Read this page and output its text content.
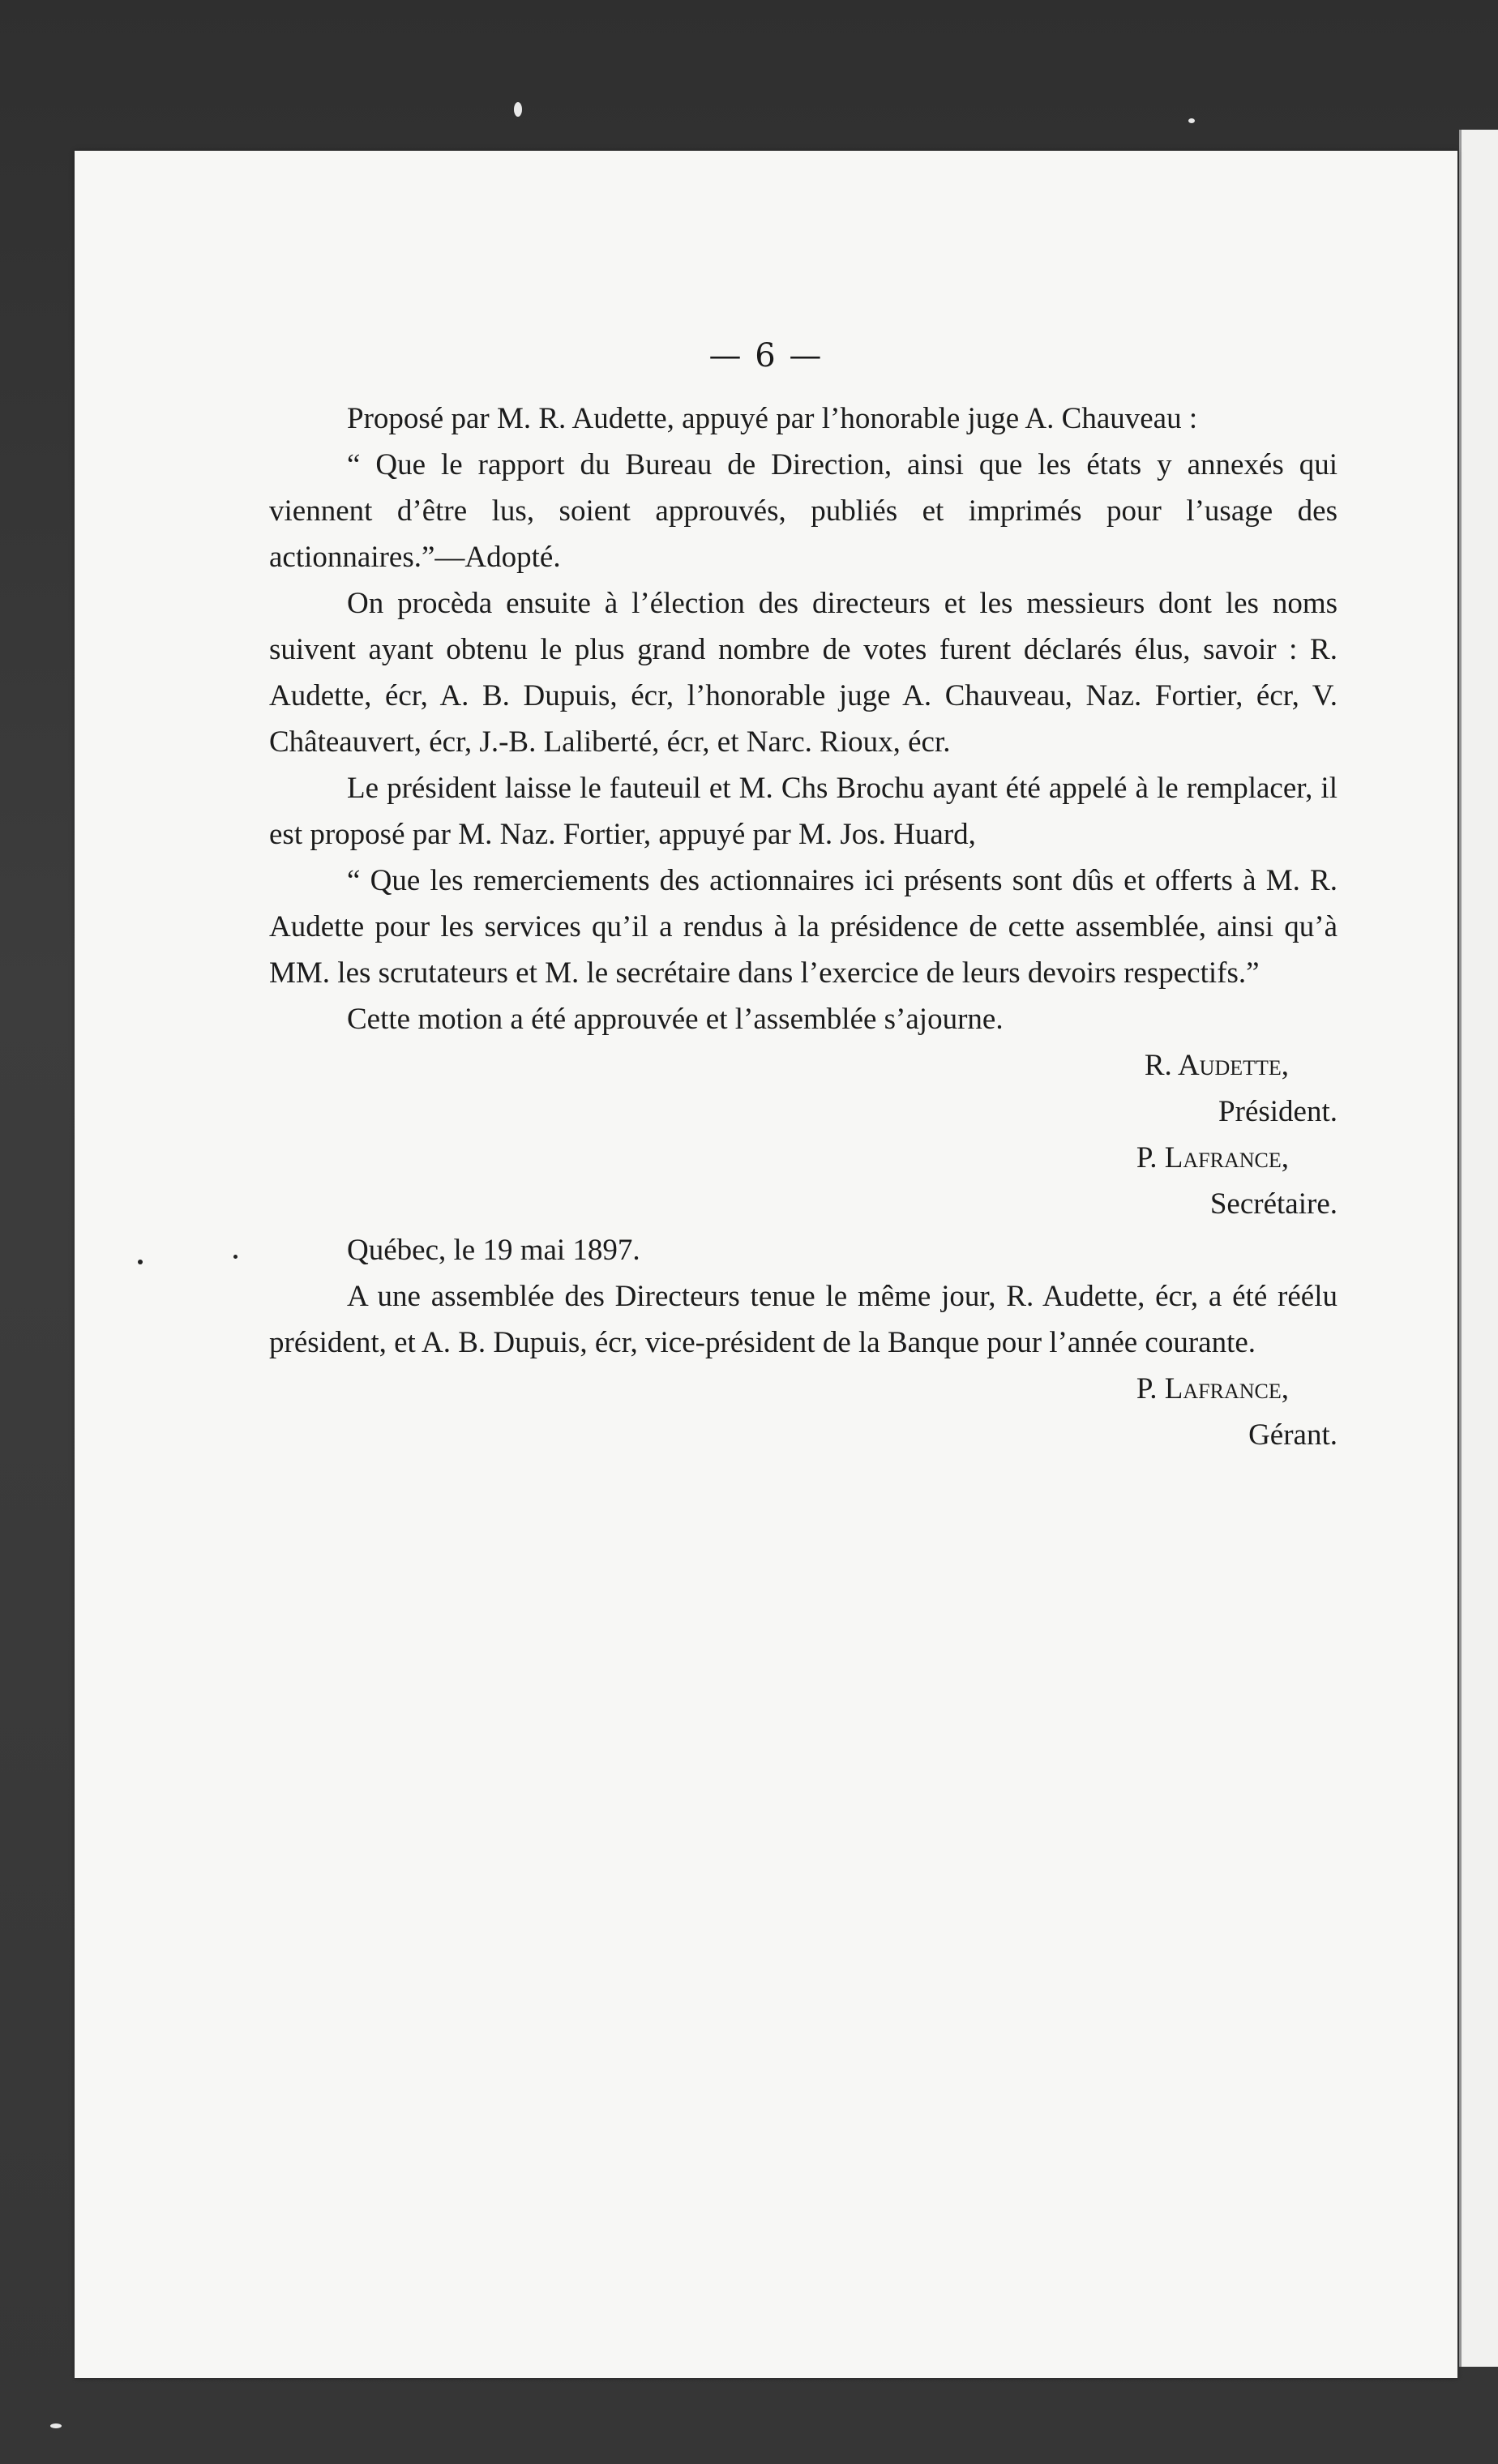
— 6 —

Proposé par M. R. Audette, appuyé par l’honorable juge A. Chauveau :

“ Que le rapport du Bureau de Direction, ainsi que les états y annexés qui viennent d’être lus, soient approuvés, publiés et imprimés pour l’usage des actionnaires.”—Adopté.

On procèda ensuite à l’élection des directeurs et les messieurs dont les noms suivent ayant obtenu le plus grand nombre de votes furent déclarés élus, savoir : R. Audette, écr, A. B. Dupuis, écr, l’honorable juge A. Chauveau, Naz. Fortier, écr, V. Châteauvert, écr, J.-B. Laliberté, écr, et Narc. Rioux, écr.

Le président laisse le fauteuil et M. Chs Brochu ayant été appelé à le remplacer, il est proposé par M. Naz. Fortier, appuyé par M. Jos. Huard,

“ Que les remerciements des actionnaires ici présents sont dûs et offerts à M. R. Audette pour les services qu’il a rendus à la présidence de cette assemblée, ainsi qu’à MM. les scrutateurs et M. le secrétaire dans l’exercice de leurs devoirs respectifs.”

Cette motion a été approuvée et l’assemblée s’ajourne.

R. Audette,

Président.

P. Lafrance,

Secrétaire.

Québec, le 19 mai 1897.

A une assemblée des Directeurs tenue le même jour, R. Audette, écr, a été réélu président, et A. B. Dupuis, écr, vice-président de la Banque pour l’année courante.

P. Lafrance,

Gérant.
